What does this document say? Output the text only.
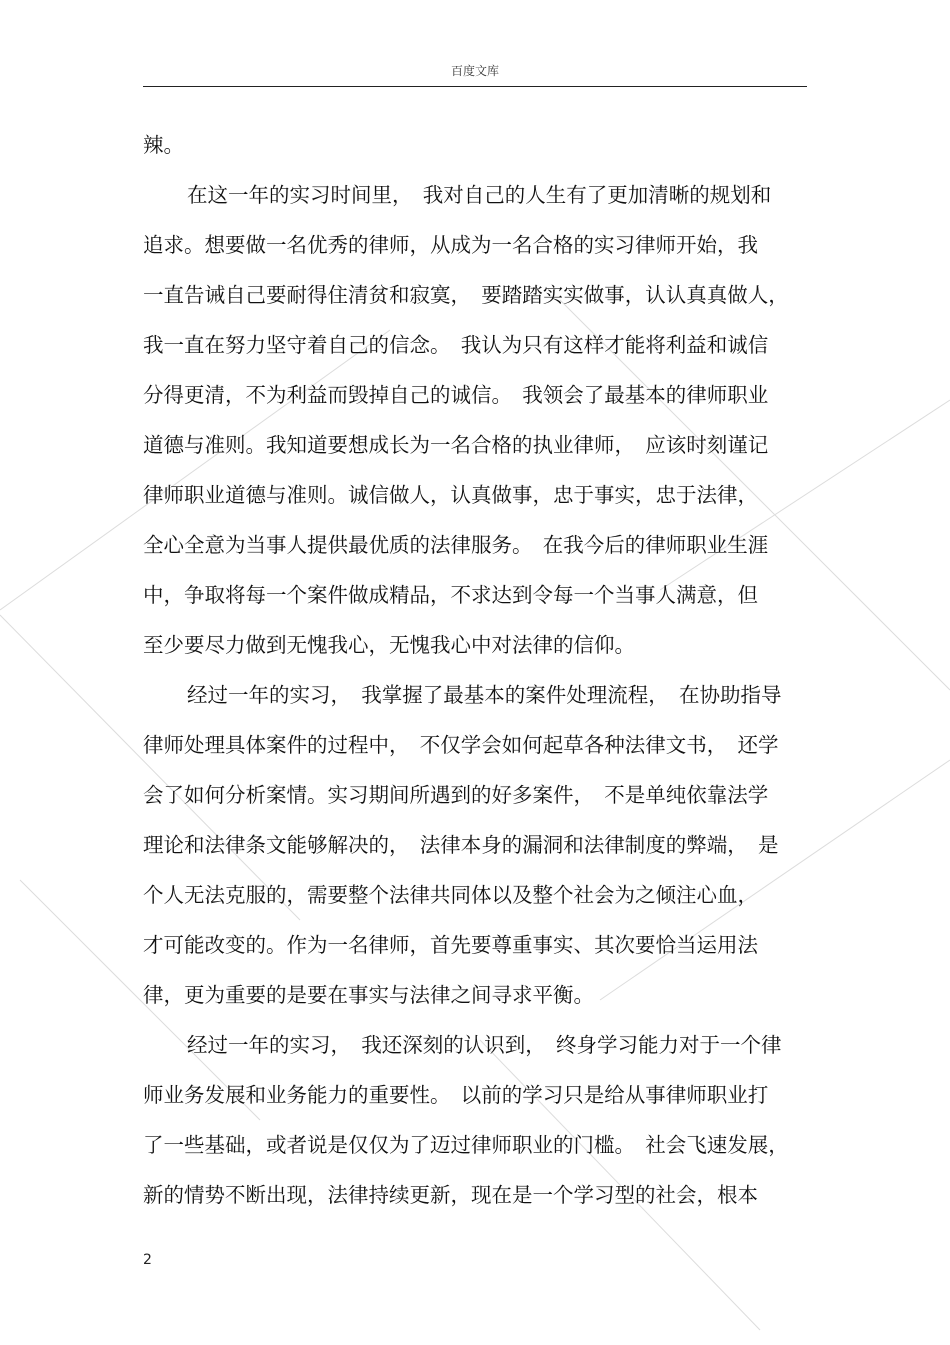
百度文库
辣。
在这一年的实习时间里，　我对自己的人生有了更加清晰的规划和
追求。想要做一名优秀的律师，从成为一名合格的实习律师开始，我
一直告诫自己要耐得住清贫和寂寞，　要踏踏实实做事，认认真真做人，
我一直在努力坚守着自己的信念。　我认为只有这样才能将利益和诚信
分得更清，不为利益而毁掉自己的诚信。　我领会了最基本的律师职业
道德与准则。我知道要想成长为一名合格的执业律师，　应该时刻谨记
律师职业道德与准则。诚信做人，认真做事，忠于事实，忠于法律，
全心全意为当事人提供最优质的法律服务。　在我今后的律师职业生涯
中，争取将每一个案件做成精品，不求达到令每一个当事人满意，但
至少要尽力做到无愧我心，无愧我心中对法律的信仰。
经过一年的实习，　我掌握了最基本的案件处理流程，　在协助指导
律师处理具体案件的过程中，　不仅学会如何起草各种法律文书，　还学
会了如何分析案情。实习期间所遇到的好多案件，　不是单纯依靠法学
理论和法律条文能够解决的，　法律本身的漏洞和法律制度的弊端，　是
个人无法克服的，需要整个法律共同体以及整个社会为之倾注心血，
才可能改变的。作为一名律师，首先要尊重事实、其次要恰当运用法
律，更为重要的是要在事实与法律之间寻求平衡。
经过一年的实习，　我还深刻的认识到，　终身学习能力对于一个律
师业务发展和业务能力的重要性。　以前的学习只是给从事律师职业打
了一些基础，或者说是仅仅为了迈过律师职业的门槛。　社会飞速发展，
新的情势不断出现，法律持续更新，现在是一个学习型的社会，根本
2
